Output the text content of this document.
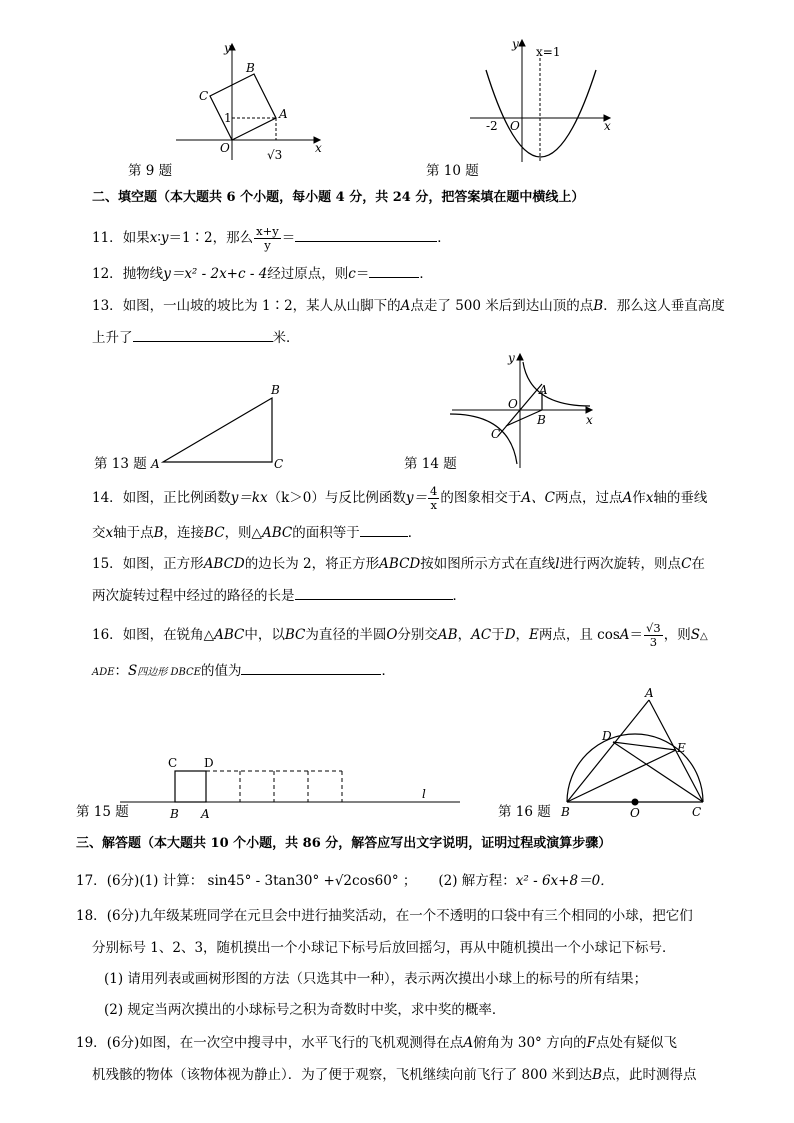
y
x
O
A
B
C
1
√3
第 9 题
y
x
O
-2
x=1
第 10 题
二、填空题（本大题共 6 个小题，每小题 4 分，共 24 分，把答案填在题中横线上）
11．如果x∶y＝1∶2，那么 $\frac{x+y}{y}$ ＝	．
12．抛物线y＝x² - 2x+c - 4经过原点，则c＝	．
13．如图，一山坡的坡比为 1∶2，某人从山脚下的A点走了 500 米后到达山顶的点B．那么这人垂直高度
上升了	米．
A
B
C
第 13 题
y
x
O
A
B
C
第 14 题
14．如图，正比例函数y＝kx（k＞0）与反比例函数$y= \frac{4}{x}$ 的图象相交于A、C两点，过点A作x轴的垂线
交x轴于点B，连接BC，则△ABC的面积等于	．
15．如图，正方形ABCD的边长为 2，将正方形ABCD按如图所示方式在直线l进行两次旋转，则点C在
两次旋转过程中经过的路径的长是	．
16．如图，在锐角△ABC中，以BC为直径的半圆O分别交AB，AC于D，E两点，且 $\cos A= \frac{√3}{3}$ ，则S△
ADE：S四边形 DBCE的值为	．
C D
B A
l
第 15 题
A
D
E
B	O	C
第 16 题
三、解答题（本大题共 10 个小题，共 86 分，解答应写出文字说明，证明过程或演算步骤）
17．(6分)(1) 计算： sin45° - 3tan30° +√2cos60° ； (2) 解方程：x² - 6x+8＝0．
18．(6分)九年级某班同学在元旦会中进行抽奖活动，在一个不透明的口袋中有三个相同的小球，把它们
分别标号 1、2、3，随机摸出一个小球记下标号后放回摇匀，再从中随机摸出一个小球记下标号．
(1) 请用列表或画树形图的方法（只选其中一种），表示两次摸出小球上的标号的所有结果；
(2) 规定当两次摸出的小球标号之积为奇数时中奖，求中奖的概率．
19．(6分)如图，在一次空中搜寻中，水平飞行的飞机观测得在点A俯角为 30° 方向的F点处有疑似飞
机残骸的物体（该物体视为静止）．为了便于观察，飞机继续向前飞行了 800 米到达B点，此时测得点
